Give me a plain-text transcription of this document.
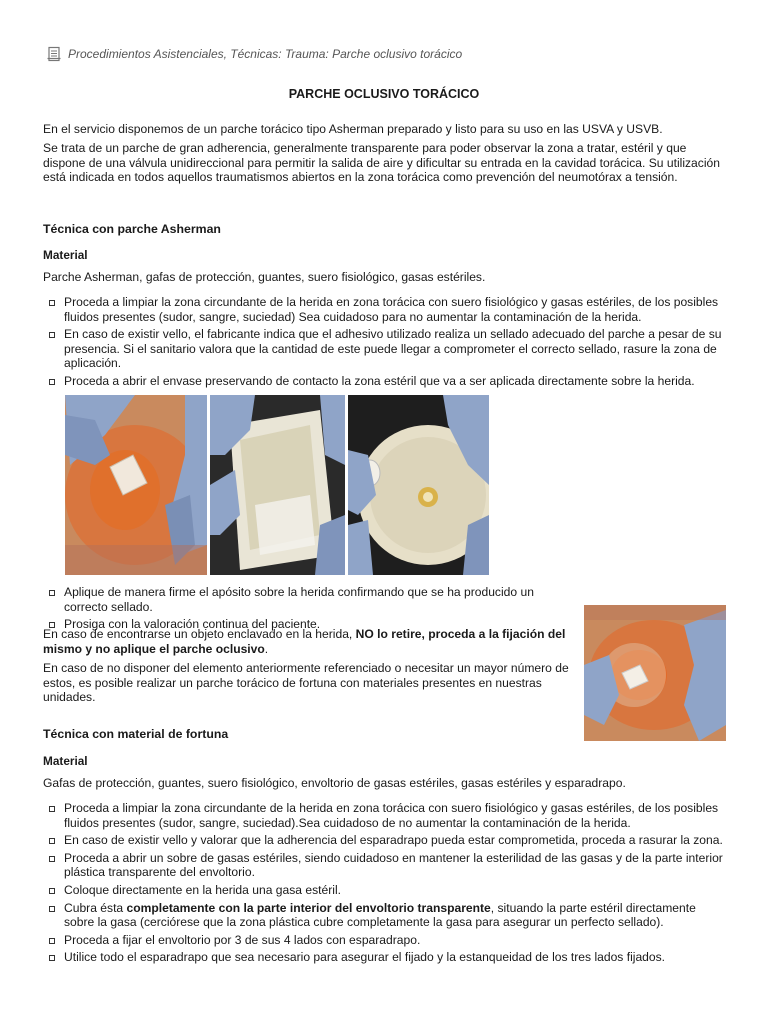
Procedimientos Asistenciales, Técnicas: Trauma: Parche oclusivo torácico
PARCHE OCLUSIVO TORÁCICO
En el servicio disponemos de un parche torácico tipo Asherman preparado y listo para su uso en las USVA y USVB.
Se trata de un parche de gran adherencia, generalmente transparente para poder observar la zona a tratar, estéril y que dispone de una válvula unidireccional para permitir la salida de aire y dificultar su entrada en la cavidad torácica. Su utilización está indicada en todos aquellos traumatismos abiertos en la zona torácica como prevención del neumotórax a tensión.
Técnica con parche Asherman
Material
Parche Asherman, gafas de protección, guantes, suero fisiológico, gasas estériles.
Proceda a limpiar la zona circundante de la herida en zona torácica con suero fisiológico y gasas estériles, de los posibles fluidos presentes (sudor, sangre, suciedad) Sea cuidadoso para no aumentar la contaminación de la herida.
En caso de existir vello, el fabricante indica que el adhesivo utilizado realiza un sellado adecuado del parche a pesar de su presencia. Si el sanitario valora que la cantidad de este puede llegar a comprometer el correcto sellado, rasure la zona de aplicación.
Proceda a abrir el envase preservando de contacto la zona estéril que va a ser aplicada directamente sobre la herida.
Aplique de manera firme el apósito sobre la herida confirmando que se ha producido un correcto sellado.
Prosiga con la valoración continua del paciente.
En caso de encontrarse un objeto enclavado en la herida, NO lo retire, proceda a la fijación del mismo y no aplique el parche oclusivo.
En caso de no disponer del elemento anteriormente referenciado o necesitar un mayor número de estos, es posible realizar un parche torácico de fortuna con materiales presentes en nuestras unidades.
Técnica con material de fortuna
Material
Gafas de protección, guantes, suero fisiológico, envoltorio de gasas estériles, gasas estériles y esparadrapo.
Proceda a limpiar la zona circundante de la herida en zona torácica con suero fisiológico y gasas estériles, de los posibles fluidos presentes (sudor, sangre, suciedad).Sea cuidadoso de no aumentar la contaminación de la herida.
En caso de existir vello y valorar que la adherencia del esparadrapo pueda estar comprometida, proceda a rasurar la zona.
Proceda a abrir un sobre de gasas estériles, siendo cuidadoso en mantener la esterilidad de las gasas y de la parte interior plástica transparente del envoltorio.
Coloque directamente en la herida una gasa estéril.
Cubra ésta completamente con la parte interior del envoltorio transparente, situando la parte estéril directamente sobre la gasa (cerciórese que la zona plástica cubre completamente la gasa para asegurar un perfecto sellado).
Proceda a fijar el envoltorio por 3 de sus 4 lados con esparadrapo.
Utilice todo el esparadrapo que sea necesario para asegurar el fijado y la estanqueidad de los tres lados fijados.
